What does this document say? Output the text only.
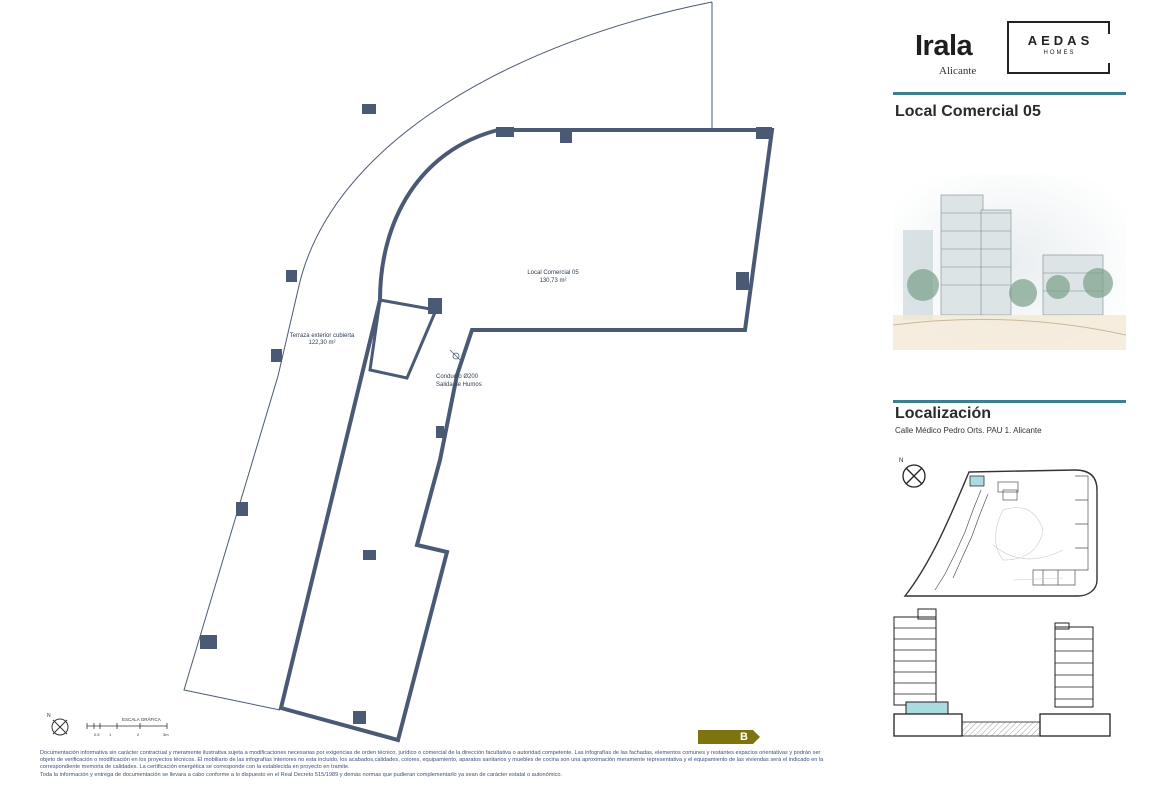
Local Comercial 05
130,73 m²
Terraza exterior cubierta
122,30 m²
Conducto Ø200
Salida de Humos
N
ESCALA GRÁFICA
0.5 1	2	3m
Irala
Alicante
AEDAS
HOMES
Local Comercial 05
Localización
Calle Médico Pedro Orts. PAU 1. Alicante
N
B

Documentación informativa sin carácter contractual y meramente ilustrativa sujeta a modificaciones necesarias por exigencias de orden técnico, jurídico o comercial de la dirección facultativa o autoridad competente. Las infografías de las fachadas, elementos comunes y restantes espacios orientativas y podrán ser objeto de verificación o modificación en los proyectos técnicos. El mobiliario de las infografías interiores no esta incluido, los acabados,calidades, colores, equipamiento, aparatos sanitarios y muebles de cocina son una aproximación meramente representativa y el equipamiento de las viviendas será el indicado en la correspondiente memoria de calidades. La certificación energética se corresponde con la establecida en proyecto en tramite.

Toda la información y entrega de documentación se llevara a cabo conforme a lo dispuesto en el Real Decreto 515/1989 y demás normas que pudieran complementarlo ya sean de carácter estatal o autonómico.
